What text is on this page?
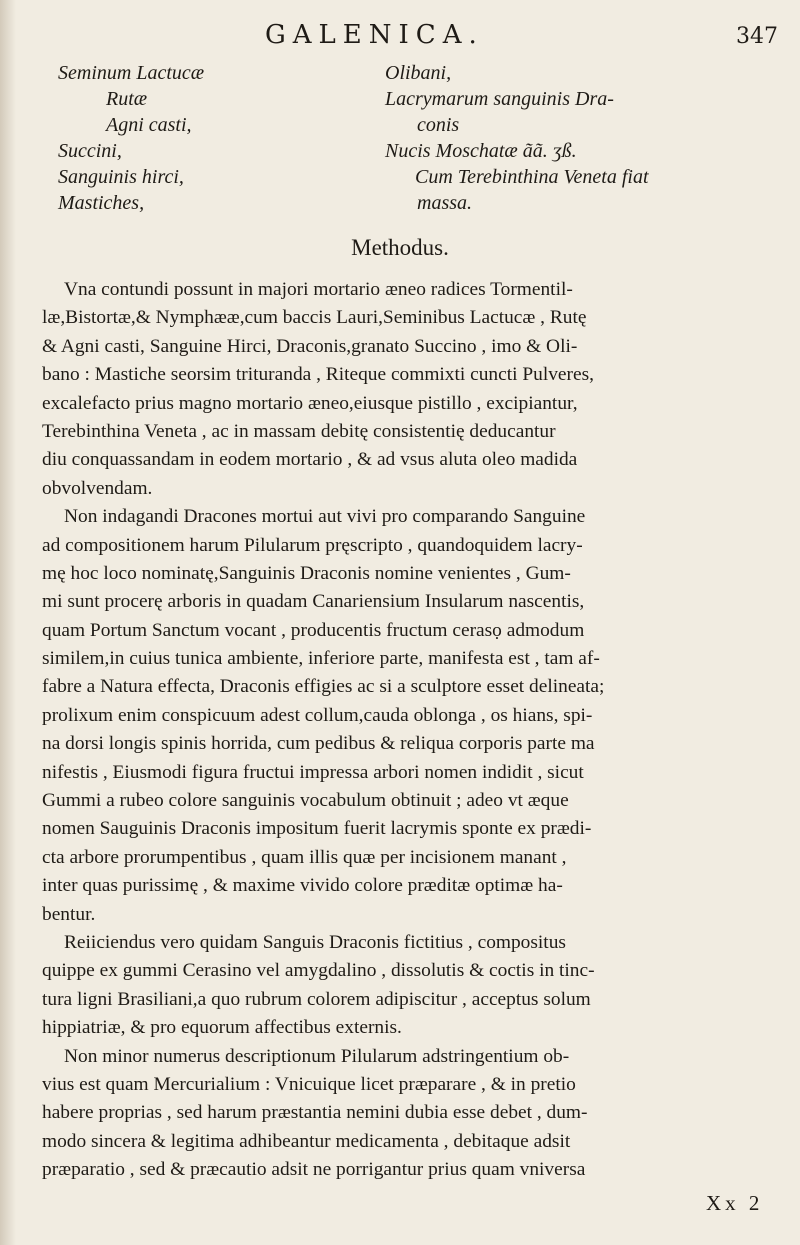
GALENICA.	347
Seminum Lactucæ
Rutæ
Agni casti,
Succini,
Sanguinis hirci,
Mastiches,
Olibani,
Lacrymarum sanguinis Dra-
conis
Nucis Moschatæ ãã. ʒß.
Cum Terebinthina Veneta fiat
massa.
Methodus.
Vna contundi possunt in majori mortario æneo radices Tormentil-
læ,Bistortæ,& Nymphææ,cum baccis Lauri,Seminibus Lactucæ , Rutę
& Agni casti, Sanguine Hirci, Draconis,granato Succino , imo & Oli-
bano : Mastiche seorsim trituranda , Riteque commixti cuncti Pulveres,
excalefacto prius magno mortario æneo,eiusque pistillo , excipiantur,
Terebinthina Veneta , ac in massam debitę consistentię deducantur
diu conquassandam in eodem mortario , & ad vsus aluta oleo madida
obvolvendam.
Non indagandi Dracones mortui aut vivi pro comparando Sanguine
ad compositionem harum Pilularum pręscripto , quandoquidem lacry-
mę hoc loco nominatę,Sanguinis Draconis nomine venientes , Gum-
mi sunt procerę arboris in quadam Canariensium Insularum nascentis,
quam Portum Sanctum vocant , producentis fructum cerasọ admodum
similem,in cuius tunica ambiente, inferiore parte, manifesta est , tam af-
fabre a Natura effecta, Draconis effigies ac si a sculptore esset delineata;
prolixum enim conspicuum adest collum,cauda oblonga , os hians, spi-
na dorsi longis spinis horrida, cum pedibus & reliqua corporis parte ma
nifestis , Eiusmodi figura fructui impressa arbori nomen indidit , sicut
Gummi a rubeo colore sanguinis vocabulum obtinuit ; adeo vt æque
nomen Sauguinis Draconis impositum fuerit lacrymis sponte ex prædi-
cta arbore prorumpentibus , quam illis quæ per incisionem manant ,
inter quas purissimę , & maxime vivido colore præditæ optimæ ha-
bentur.
Reiiciendus vero quidam Sanguis Draconis fictitius , compositus
quippe ex gummi Cerasino vel amygdalino , dissolutis & coctis in tinc-
tura ligni Brasiliani,a quo rubrum colorem adipiscitur , acceptus solum
hippiatriæ, & pro equorum affectibus externis.
Non minor numerus descriptionum Pilularum adstringentium ob-
vius est quam Mercurialium : Vnicuique licet præparare , & in pretio
habere proprias , sed harum præstantia nemini dubia esse debet , dum-
modo sincera & legitima adhibeantur medicamenta , debitaque adsit
præparatio , sed & præcautio adsit ne porrigantur prius quam vniversa
Xx 2
